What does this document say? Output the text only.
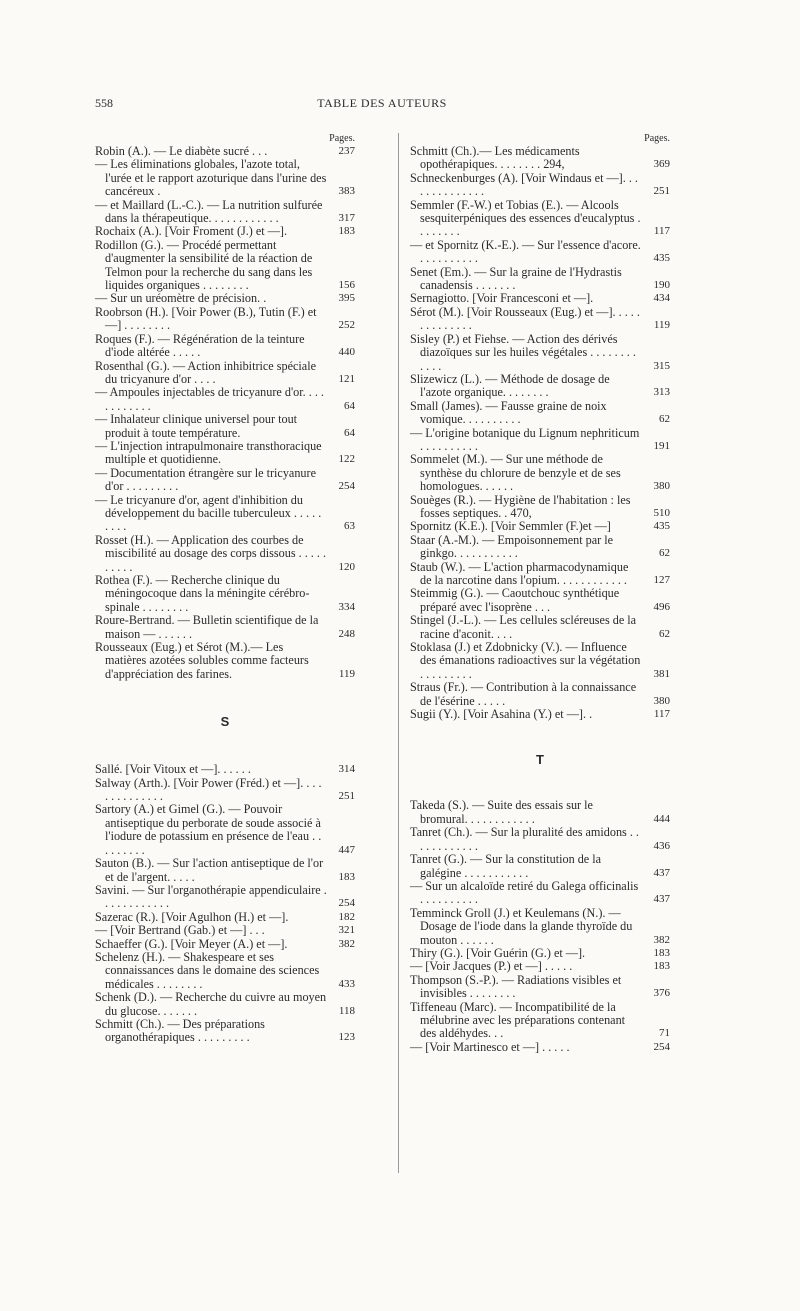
558	TABLE DES AUTEURS
Pages.

Robin (A.). — Le diabète sucré . . .	237

— Les éliminations globales, l'azote total, l'urée et le rapport azoturique dans l'urine des cancéreux .	383

— et Maillard (L.-C.). — La nutrition sulfurée dans la thérapeutique. . . . . . . . . . . .	317

Rochaix (A.). [Voir Froment (J.) et —].	183

Rodillon (G.). — Procédé permettant d'augmenter la sensibilité de la réaction de Telmon pour la recherche du sang dans les liquides organiques . . . . . . . .	156

— Sur un uréomètre de précision. .	395

Roobrson (H.). [Voir Power (B.), Tutin (F.) et —] . . . . . . . .	252

Roques (F.). — Régénération de la teinture d'iode altérée . . . . .	440

Rosenthal (G.). — Action inhibitrice spéciale du tricyanure d'or . . . .	121

— Ampoules injectables de tricyanure d'or. . . . . . . . . . . .	64

— Inhalateur clinique universel pour tout produit à toute température.	64

— L'injection intrapulmonaire transthoracique multiple et quotidienne.	122

— Documentation étrangère sur le tricyanure d'or . . . . . . . . .	254

— Le tricyanure d'or, agent d'inhibition du développement du bacille tuberculeux . . . . . . . . .	63

Rosset (H.). — Application des courbes de miscibilité au dosage des corps dissous . . . . . . . . . .	120

Rothea (F.). — Recherche clinique du méningocoque dans la méningite cérébro-spinale . . . . . . . .	334

Roure-Bertrand. — Bulletin scientifique de la maison — . . . . . .	248

Rousseaux (Eug.) et Sérot (M.).— Les matières azotées solubles comme facteurs d'appréciation des farines.	119

S

Sallé. [Voir Vitoux et —]. . . . . .	314

Salway (Arth.). [Voir Power (Fréd.) et —]. . . . . . . . . . . . . .	251

Sartory (A.) et Gimel (G.). — Pouvoir antiseptique du perborate de soude associé à l'iodure de potassium en présence de l'eau . . . . . . . . .	447

Sauton (B.). — Sur l'action antiseptique de l'or et de l'argent. . . . .	183

Savini. — Sur l'organothérapie appendiculaire . . . . . . . . . . . .	254

Sazerac (R.). [Voir Agulhon (H.) et —].	182

— [Voir Bertrand (Gab.) et —] . . .	321

Schaeffer (G.). [Voir Meyer (A.) et —].	382

Schelenz (H.). — Shakespeare et ses connaissances dans le domaine des sciences médicales . . . . . . . .	433

Schenk (D.). — Recherche du cuivre au moyen du glucose. . . . . . .	118

Schmitt (Ch.). — Des préparations organothérapiques . . . . . . . . .	123

Pages.

Schmitt (Ch.).— Les médicaments opothérapiques. . . . . . . . 294,	369

Schneckenburges (A). [Voir Windaus et —]. . . . . . . . . . . . . .	251

Semmler (F.-W.) et Tobias (E.). — Alcools sesquiterpéniques des essences d'eucalyptus . . . . . . . .	117

— et Spornitz (K.-E.). — Sur l'essence d'acore. . . . . . . . . . .	435

Senet (Em.). — Sur la graine de l'Hydrastis canadensis . . . . . . .	190

Sernagiotto. [Voir Francesconi et —].	434

Sérot (M.). [Voir Rousseaux (Eug.) et —]. . . . . . . . . . . . . .	119

Sisley (P.) et Fiehse. — Action des dérivés diazoïques sur les huiles végétales . . . . . . . . . . . .	315

Slizewicz (L.). — Méthode de dosage de l'azote organique. . . . . . . .	313

Small (James). — Fausse graine de noix vomique. . . . . . . . . .	62

— L'origine botanique du Lignum nephriticum . . . . . . . . . .	191

Sommelet (M.). — Sur une méthode de synthèse du chlorure de benzyle et de ses homologues. . . . . .	380

Souèges (R.). — Hygiène de l'habitation : les fosses septiques. . 470,	510

Spornitz (K.E.). [Voir Semmler (F.)et —]	435

Staar (A.-M.). — Empoisonnement par le ginkgo. . . . . . . . . . .	62

Staub (W.). — L'action pharmacodynamique de la narcotine dans l'opium. . . . . . . . . . . . 127

Steimmig (G.). — Caoutchouc synthétique préparé avec l'isoprène . . .	496

Stingel (J.-L.). — Les cellules scléreuses de la racine d'aconit. . . .	62

Stoklasa (J.) et Zdobnicky (V.). — Influence des émanations radioactives sur la végétation . . . . . . . . .	381

Straus (Fr.). — Contribution à la connaissance de l'ésérine . . . . .	380

Sugii (Y.). [Voir Asahina (Y.) et —]. .	117

T

Takeda (S.). — Suite des essais sur le bromural. . . . . . . . . . . .	444

Tanret (Ch.). — Sur la pluralité des amidons . . . . . . . . . . . .	436

Tanret (G.). — Sur la constitution de la galégine . . . . . . . . . . .	437

— Sur un alcaloïde retiré du Galega officinalis . . . . . . . . . .	437

Temminck Groll (J.) et Keulemans (N.). — Dosage de l'iode dans la glande thyroïde du mouton . . . . . .	382

Thiry (G.). [Voir Guérin (G.) et —].	183

— [Voir Jacques (P.) et —] . . . . .	183

Thompson (S.-P.). — Radiations visibles et invisibles . . . . . . . .	376

Tiffeneau (Marc). — Incompatibilité de la mélubrine avec les préparations contenant des aldéhydes. . .	71

— [Voir Martinesco et —] . . . . .	254
